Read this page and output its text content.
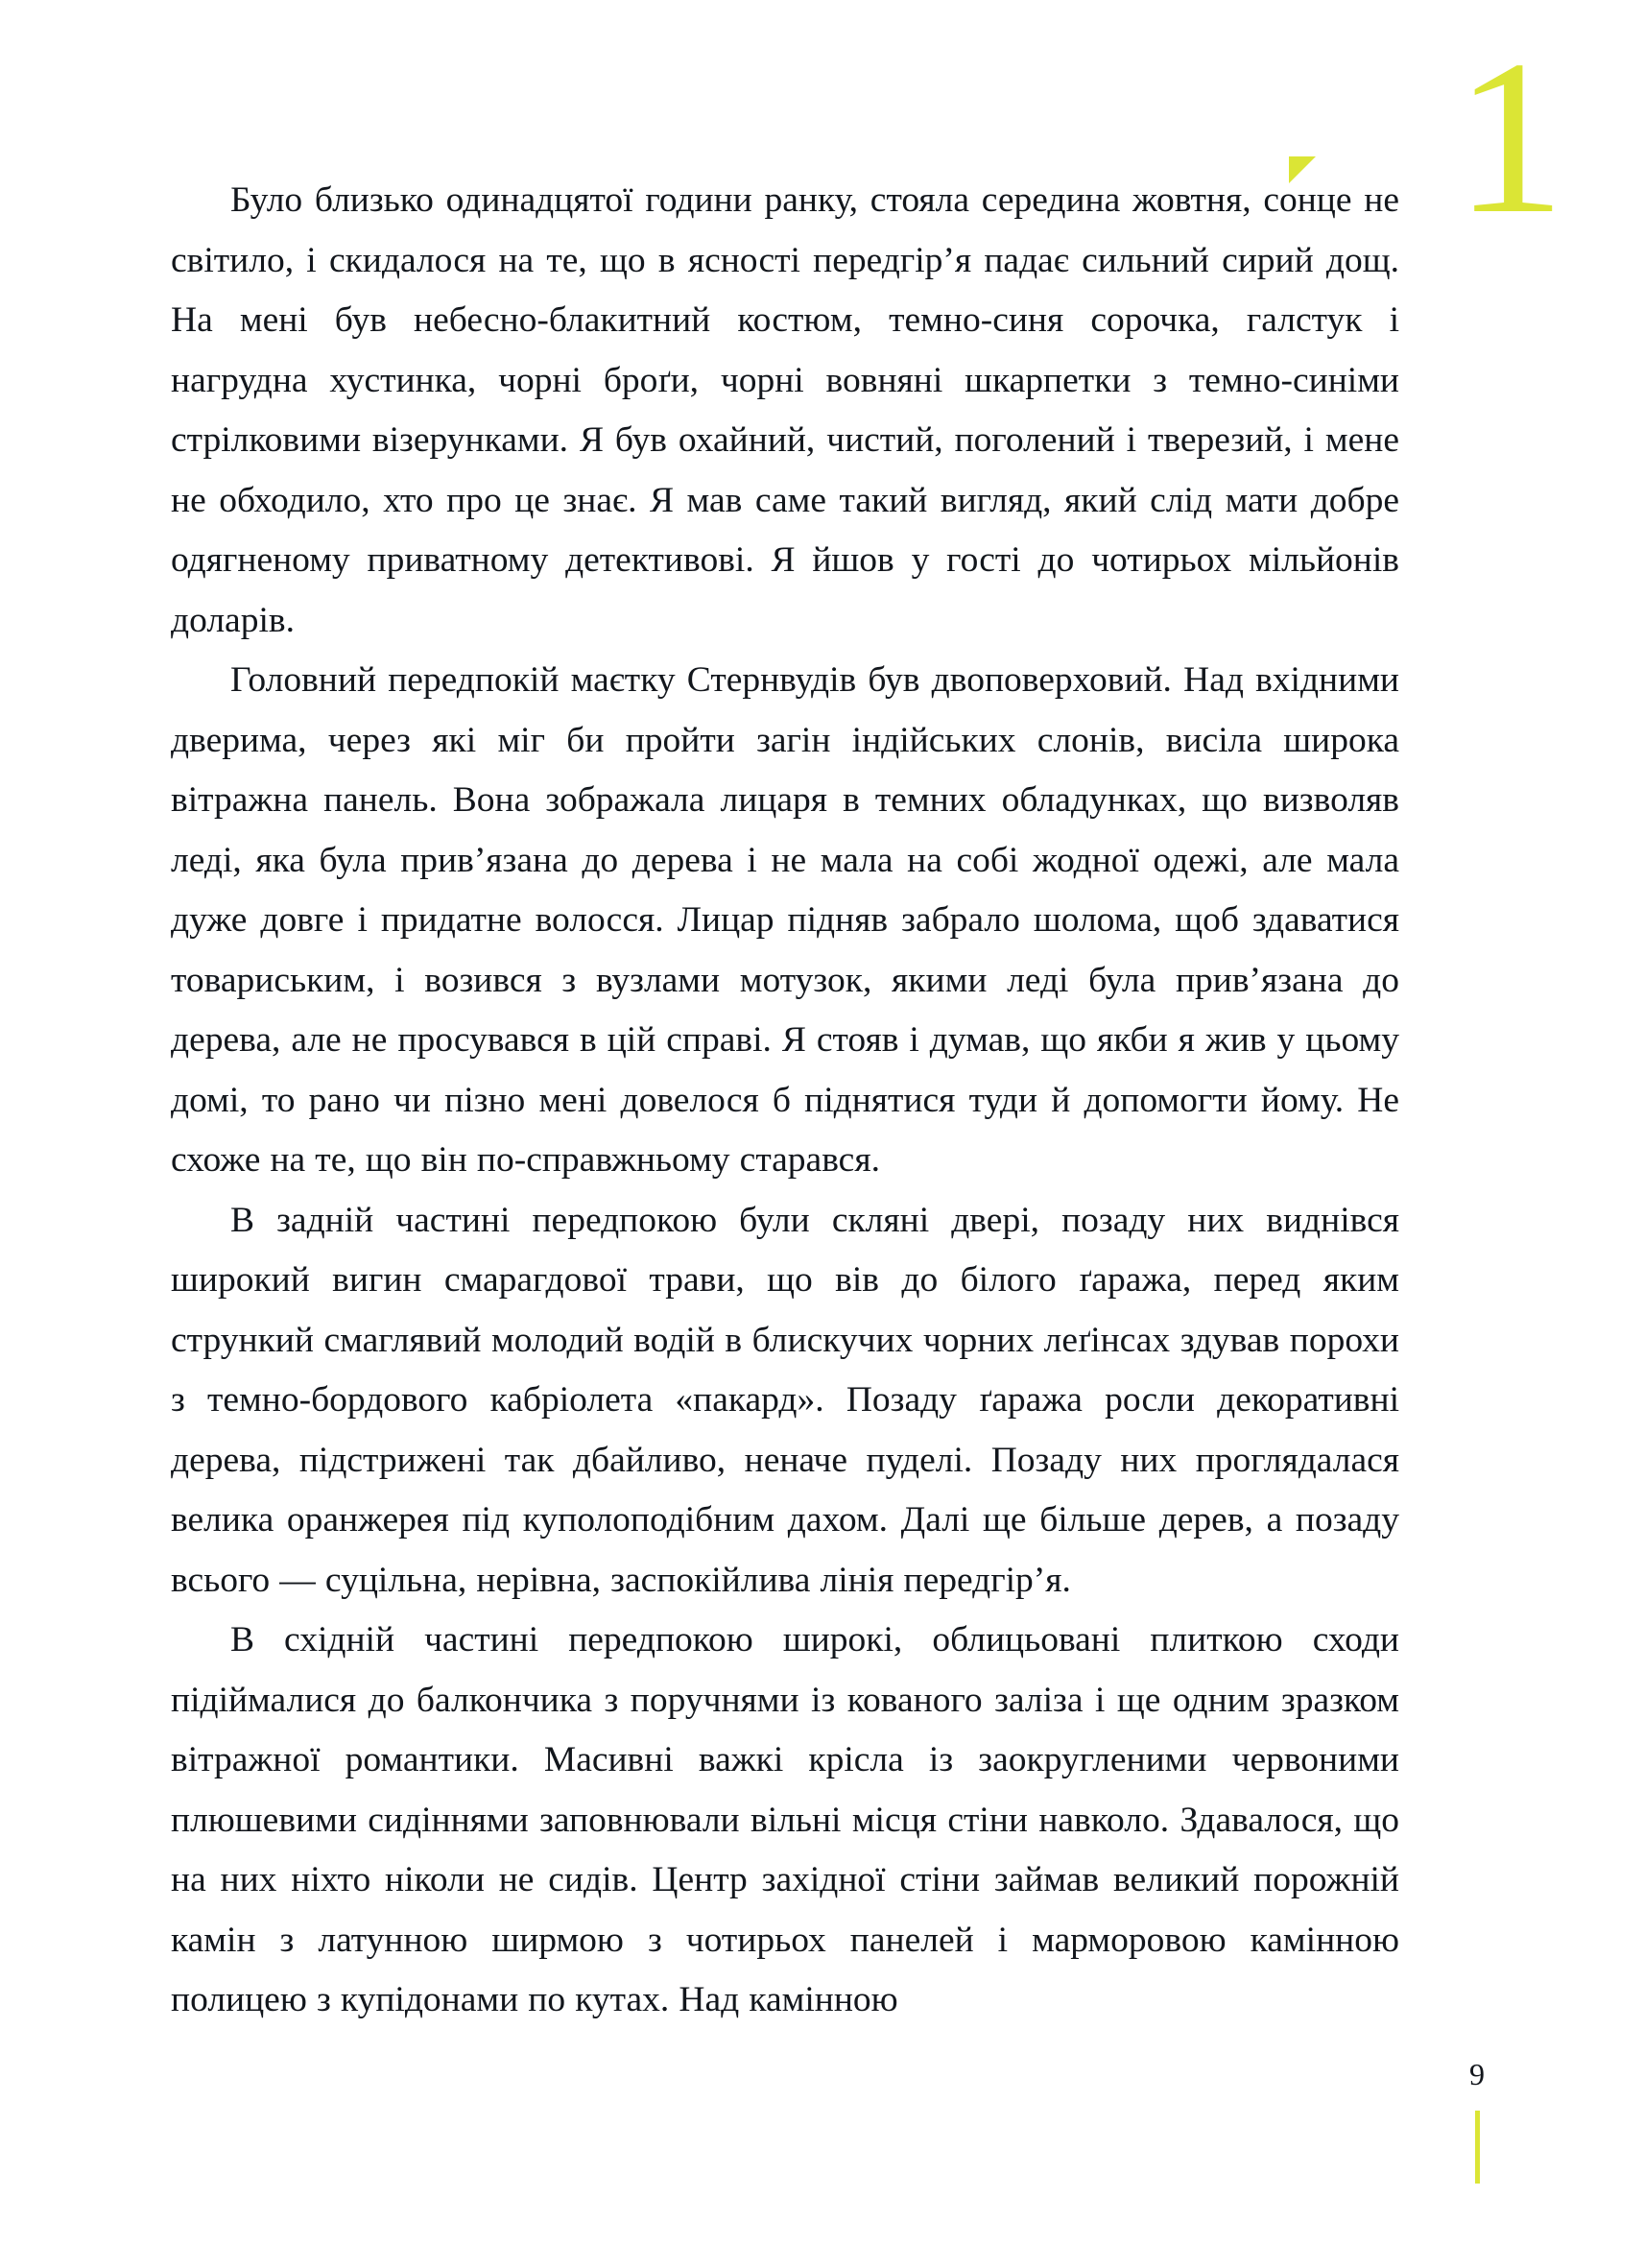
1

Було близько одинадцятої години ранку, стояла середина жовтня, сонце не світило, і скидалося на те, що в ясності передгір’я падає сильний сирий дощ. На мені був небесно-блакитний костюм, темно-синя сорочка, галстук і нагрудна хустинка, чорні броґи, чорні вовняні шкарпетки з темно-синіми стрілковими візерунками. Я був охайний, чистий, поголений і тверезий, і мене не обходило, хто про це знає. Я мав саме такий вигляд, який слід мати добре одягненому приватному детективові. Я йшов у гості до чотирьох мільйонів доларів.

Головний передпокій маєтку Стернвудів був двоповерховий. Над вхідними дверима, через які міг би пройти загін індійських слонів, висіла широка вітражна панель. Вона зображала лицаря в темних обладунках, що визволяв леді, яка була прив’язана до дерева і не мала на собі жодної одежі, але мала дуже довге і придатне волосся. Лицар підняв забрало шолома, щоб здаватися товариським, і возився з вузлами мотузок, якими леді була прив’язана до дерева, але не просувався в цій справі. Я стояв і думав, що якби я жив у цьому домі, то рано чи пізно мені довелося б піднятися туди й допомогти йому. Не схоже на те, що він по-справжньому старався.

В задній частині передпокою були скляні двері, позаду них виднівся широкий вигин смарагдової трави, що вів до білого ґаража, перед яким стрункий смаглявий молодий водій в блискучих чорних леґінсах здував порохи з темно-бордового кабріолета «пакард». Позаду ґаража росли декоративні дерева, підстрижені так дбайливо, неначе пуделі. Позаду них проглядалася велика оранжерея під куполоподібним дахом. Далі ще більше дерев, а позаду всього — суцільна, нерівна, заспокійлива лінія передгір’я.

В східній частині передпокою широкі, облицьовані плиткою сходи підіймалися до балкончика з поручнями із кованого заліза і ще одним зразком вітражної романтики. Масивні важкі крісла із заокругленими червоними плюшевими сидіннями заповнювали вільні місця стіни навколо. Здавалося, що на них ніхто ніколи не сидів. Центр західної стіни займав великий порожній камін з латунною ширмою з чотирьох панелей і марморовою камінною полицею з купідонами по кутах. Над камінною

9
